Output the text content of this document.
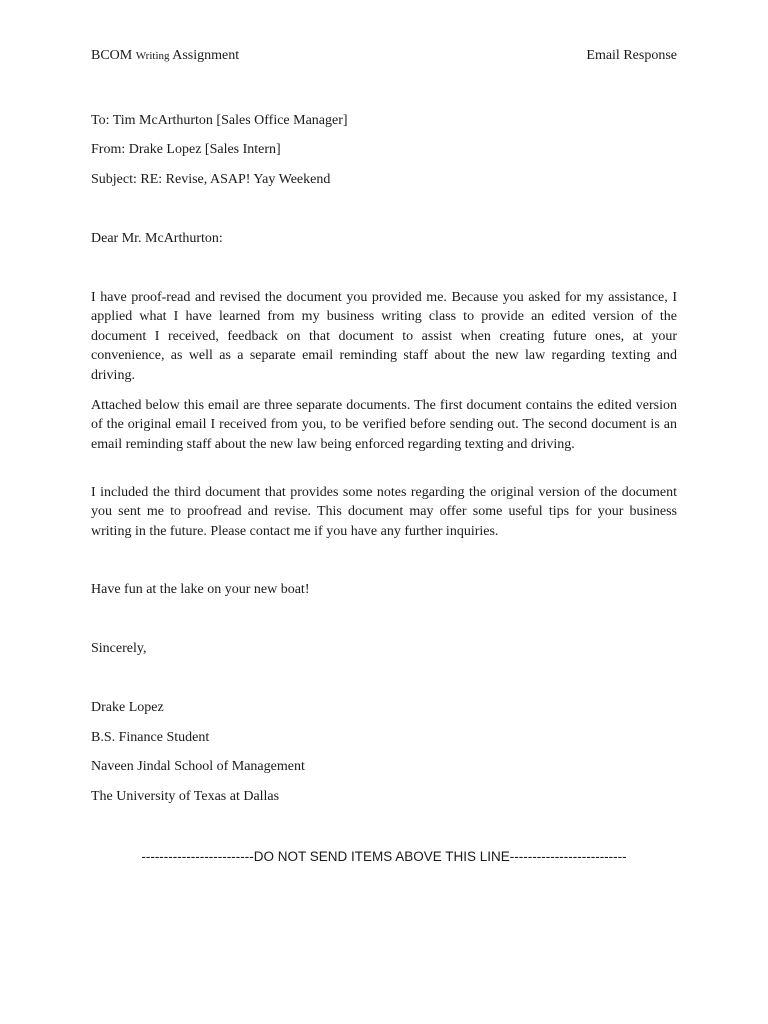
BCOM Writing Assignment	Email Response
To: Tim McArthurton [Sales Office Manager]
From: Drake Lopez [Sales Intern]
Subject: RE: Revise, ASAP! Yay Weekend
Dear Mr. McArthurton:
I have proof-read and revised the document you provided me. Because you asked for my assistance, I applied what I have learned from my business writing class to provide an edited version of the document I received, feedback on that document to assist when creating future ones, at your convenience, as well as a separate email reminding staff about the new law regarding texting and driving.
Attached below this email are three separate documents. The first document contains the edited version of the original email I received from you, to be verified before sending out. The second document is an email reminding staff about the new law being enforced regarding texting and driving.
I included the third document that provides some notes regarding the original version of the document you sent me to proofread and revise. This document may offer some useful tips for your business writing in the future. Please contact me if you have any further inquiries.
Have fun at the lake on your new boat!
Sincerely,
Drake Lopez
B.S. Finance Student
Naveen Jindal School of Management
The University of Texas at Dallas
-------------------------DO NOT SEND ITEMS ABOVE THIS LINE--------------------------
